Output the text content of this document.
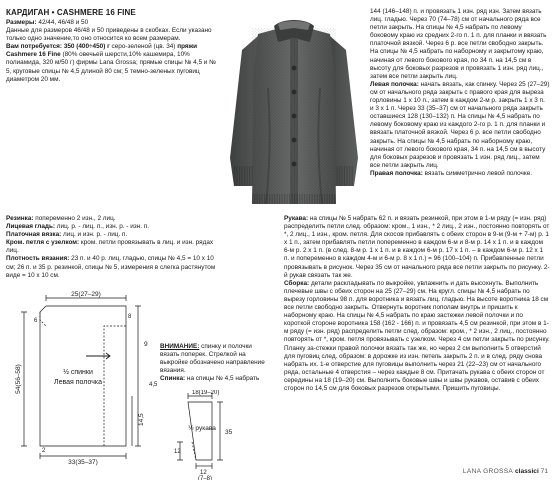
КАРДИГАН • CASHMERE 16 FINE

Размеры: 42/44, 46/48 и 50

Данные для размеров 46/48 и 50 приведены в скобках. Если указано только одно значение,то оно относится ко всем размерам.

Вам потребуется: 350 (400÷450) г серо-зеленой (цв. 34) пряжи Cashmere 16 Fine (80% овечьей шерсти,10% кашемира, 10% полиамида, 320 м/50 г) фирмы Lana Grossa; прямые спицы № 4,5 и № 5, круговые спицы № 4,5 длиной 80 см; 5 темно-зеленых пуговиц диаметром 20 мм.

144 (146–148) п. и провязать 1 изн. ряд изн. Затем вязать лиц. гладью. Через 70 (74–78) см от начального ряда все петли закрыть. На спицы № 4,5 набрать по левому боковому краю из средних 2-го п. 1 п. для планки и ввязать платочной вязкой. Через 6 р. все петли свободно закрыть. На спицы № 4,5 набрать по наборному и закрытому краю, начиная от левого бокового края, по 34 п. на 14,5 см в высоту для боковых разрезов и провязать 1 изн. ряд лиц., затем все петли закрыть лиц.

Левая полочка: начать вязать, как спинку. Через 25 (27–29) см от начального ряда закрыть с правого края для выреза горловины 1 x 10 п., затем в каждом 2-м р. закрыть 1 x 3 п. и 3 x 1 п. Через 33 (35–37) см от начального ряда закрыть оставшиеся 128 (130–132) п. На спицы № 4,5 набрать по левому боковому краю из каждого 2-го р. 1 п. для планки и ввязать платочной вязкой. Через 6 р. все петли свободно закрыть. На спицы № 4,5 набрать по наборному краю, начиная от левого бокового края, 34 п. на 14,5 см в высоту для боковых разрезов и провязать 1 изн. ряд лиц., затем все петли закрыть лиц.

Правая полочка: вязать симметрично левой полочке.

Резинка: попеременно 2 изн., 2 лиц.

Лицевая гладь: лиц. р. - лиц. п., изн. р. - изн. п.

Платочная вязка: лиц. и изн. р. - лиц. п.

Кром. петля с узелком: кром. петли провязывать в лиц. и изн. рядах лиц.

Плотность вязания: 23 п. и 40 р. лиц. гладью, спицы № 4,5 = 10 x 10 см; 26 п. и 35 р. резинкой, спицы № 5, измерения в слегка растянутом виде = 10 x 10 см.

ВНИМАНИЕ: спинку и полочки вязать поперек. Стрелкой на выкройке обозначено направление вязания.

Спинка: на спицы № 4,5 набрать

25(27–29)
54(56–58)
33(35–37)
9
14,5
8
4,5
6
2
½ спинки
Левая полочка
18(19–20)
35
12
(7–8)
12
½ рукава

Рукава: на спицы № 5 набрать 62 п. и вязать резинкой, при этом в 1-м ряду (= изн. ряд) распределить петли след. образом: кром., 1 изн., * 2 лиц., 2 изн., постоянно повторять от *, 2 лиц., 1 изн., кром. петля. Для скосов прибавлять с обеих сторон в 9-м (9-м + 7-м) р. 1 x 1 п., затем прибавлять петли попеременно в каждом 6-м и 8-м р. 14 x 1 п. и в каждом 6-м р. 2 x 1 п. (в след. 8-м р. 1 x 1 п. и в каждом 6-м р. 17 x 1 п. – в каждом 6-м р. 12 x 1 п. и попеременно в каждом 4-м и 6-м р. 8 x 1 п.) = 96 (100–104) п. Прибавленные петли провязывать в рисунок. Через 35 см от начального ряда все петли закрыть по рисунку. 2-й рукав связать так же.

Сборка: детали раскладывать по выкройке, увлажнить и дать высохнуть. Выполнить плечевые швы с обеих сторон на 25 (27–29) см. На кругл. спицы № 4,5 набрать по вырезу горловины 98 п. для воротника и вязать лиц. гладью. На высоте воротника 18 см все петли свободно закрыть. Отвернуть воротник пополам внутрь и пришить к наборному краю. На спицы № 4,5 набрать по краю застежки левой полочки и по короткой стороне воротника 158 (162 - 166) п. и провязать 4,5 см резинкой, при этом в 1-м ряду (= изн. ряд) распределить петли след. образом: кром., * 2 изн., 2 лиц., постоянно повторять от *, кром. петля провязывать с узелком. Через 4 см петли закрыть по рисунку. Планку за-стежки правой полочки вязать так же, но через 2 см выполнить 5 отверстий для пуговиц след. образом: в дорожке из изн. петель закрыть 2 п. и в след. ряду снова набрать их. 1-е отверстие для пуговицы выполнить через 21 (22–23) см от начального ряда, остальные 4 отверстия – через каждые 8 см. Притачать рукава с обеих сторон от середины на 18 (19–20) см. Выполнить боковые швы и швы рукавов, оставив с обеих сторон по 14,5 см для боковых разрезов открытыми. Пришить пуговицы.

LANA GROSSA classici 71
